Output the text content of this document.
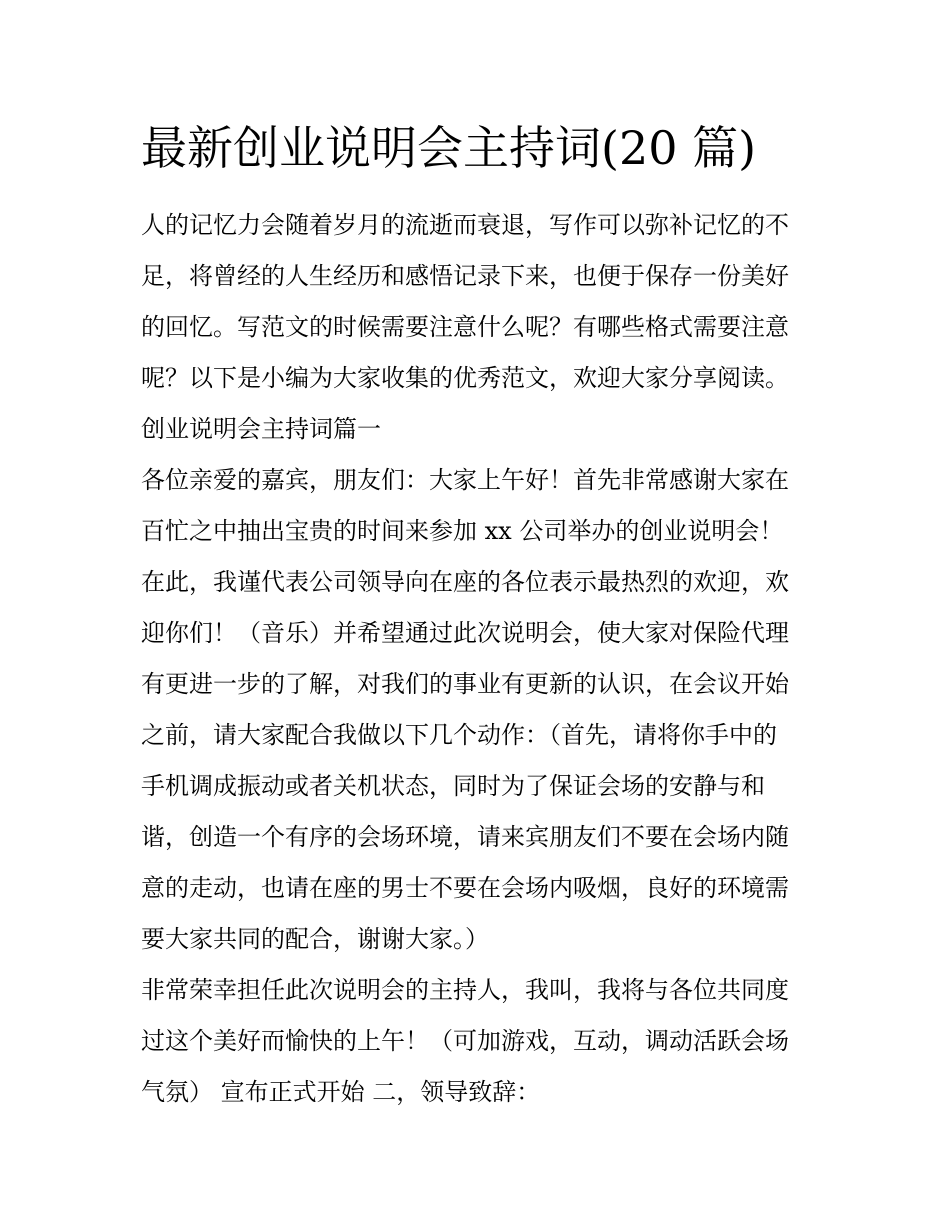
最新创业说明会主持词(20 篇)
人的记忆力会随着岁月的流逝而衰退，写作可以弥补记忆的不
足，将曾经的人生经历和感悟记录下来，也便于保存一份美好
的回忆。写范文的时候需要注意什么呢？有哪些格式需要注意
呢？以下是小编为大家收集的优秀范文，欢迎大家分享阅读。
创业说明会主持词篇一
各位亲爱的嘉宾，朋友们：大家上午好！首先非常感谢大家在
百忙之中抽出宝贵的时间来参加 xx 公司举办的创业说明会！
在此，我谨代表公司领导向在座的各位表示最热烈的欢迎，欢
迎你们！（音乐）并希望通过此次说明会，使大家对保险代理
有更进一步的了解，对我们的事业有更新的认识，在会议开始
之前，请大家配合我做以下几个动作：（首先，请将你手中的
手机调成振动或者关机状态，同时为了保证会场的安静与和
谐，创造一个有序的会场环境，请来宾朋友们不要在会场内随
意的走动，也请在座的男士不要在会场内吸烟，良好的环境需
要大家共同的配合，谢谢大家。）
非常荣幸担任此次说明会的主持人，我叫，我将与各位共同度
过这个美好而愉快的上午！（可加游戏，互动，调动活跃会场
气氛） 宣布正式开始 二，领导致辞：
